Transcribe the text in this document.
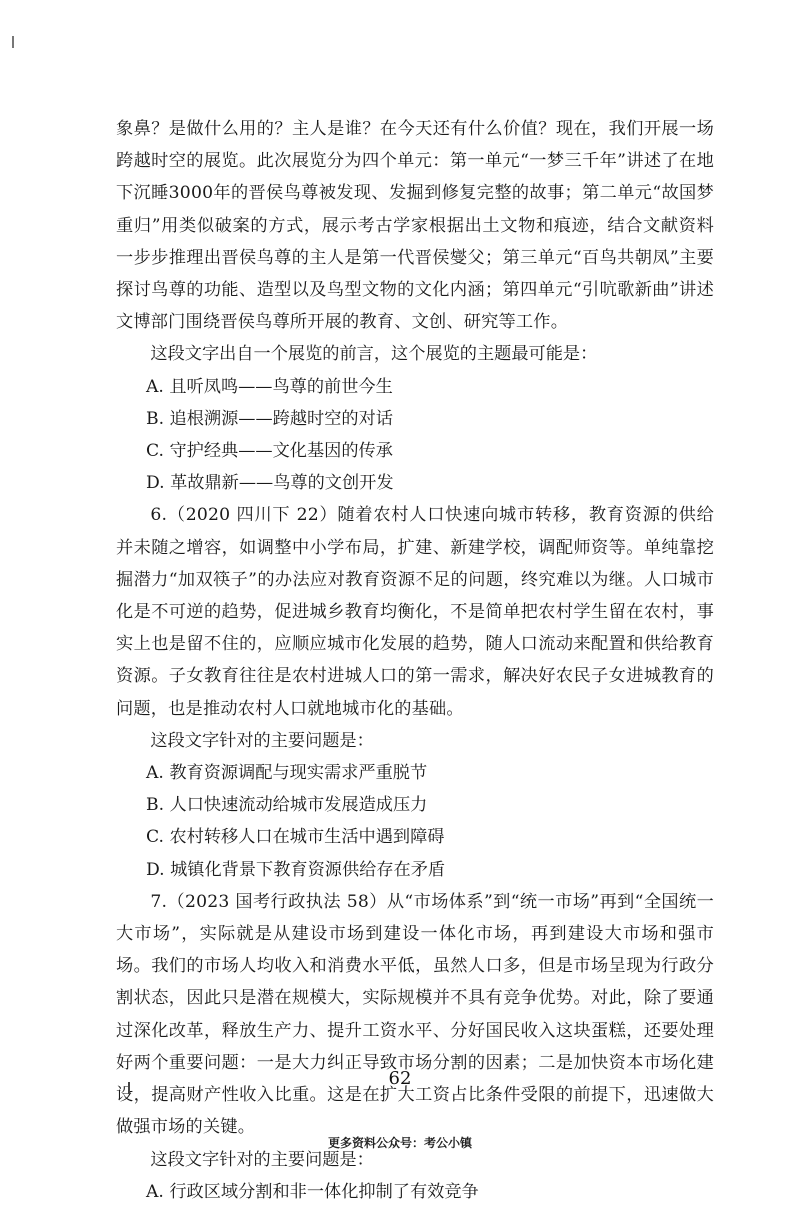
象鼻？是做什么用的？主人是谁？在今天还有什么价值？现在，我们开展一场跨越时空的展览。此次展览分为四个单元：第一单元“一梦三千年”讲述了在地下沉睡3000年的晋侯鸟尊被发现、发掘到修复完整的故事；第二单元“故国梦重归”用类似破案的方式，展示考古学家根据出土文物和痕迹，结合文献资料一步步推理出晋侯鸟尊的主人是第一代晋侯燮父；第三单元“百鸟共朝凤”主要探讨鸟尊的功能、造型以及鸟型文物的文化内涵；第四单元“引吭歌新曲”讲述文博部门围绕晋侯鸟尊所开展的教育、文创、研究等工作。

这段文字出自一个展览的前言，这个展览的主题最可能是：

A. 且听凤鸣——鸟尊的前世今生

B. 追根溯源——跨越时空的对话

C. 守护经典——文化基因的传承

D. 革故鼎新——鸟尊的文创开发

6.（2020 四川下 22）随着农村人口快速向城市转移，教育资源的供给并未随之增容，如调整中小学布局，扩建、新建学校，调配师资等。单纯靠挖掘潜力“加双筷子”的办法应对教育资源不足的问题，终究难以为继。人口城市化是不可逆的趋势，促进城乡教育均衡化，不是简单把农村学生留在农村，事实上也是留不住的，应顺应城市化发展的趋势，随人口流动来配置和供给教育资源。子女教育往往是农村进城人口的第一需求，解决好农民子女进城教育的问题，也是推动农村人口就地城市化的基础。

这段文字针对的主要问题是：

A. 教育资源调配与现实需求严重脱节

B. 人口快速流动给城市发展造成压力

C. 农村转移人口在城市生活中遇到障碍

D. 城镇化背景下教育资源供给存在矛盾

7.（2023 国考行政执法 58）从“市场体系”到“统一市场”再到“全国统一大市场”，实际就是从建设市场到建设一体化市场，再到建设大市场和强市场。我们的市场人均收入和消费水平低，虽然人口多，但是市场呈现为行政分割状态，因此只是潜在规模大，实际规模并不具有竞争优势。对此，除了要通过深化改革，释放生产力、提升工资水平、分好国民收入这块蛋糕，还要处理好两个重要问题：一是大力纠正导致市场分割的因素；二是加快资本市场化建设，提高财产性收入比重。这是在扩大工资占比条件受限的前提下，迅速做大做强市场的关键。

这段文字针对的主要问题是：

A. 行政区域分割和非一体化抑制了有效竞争

62
更多资料公众号：考公小镇
